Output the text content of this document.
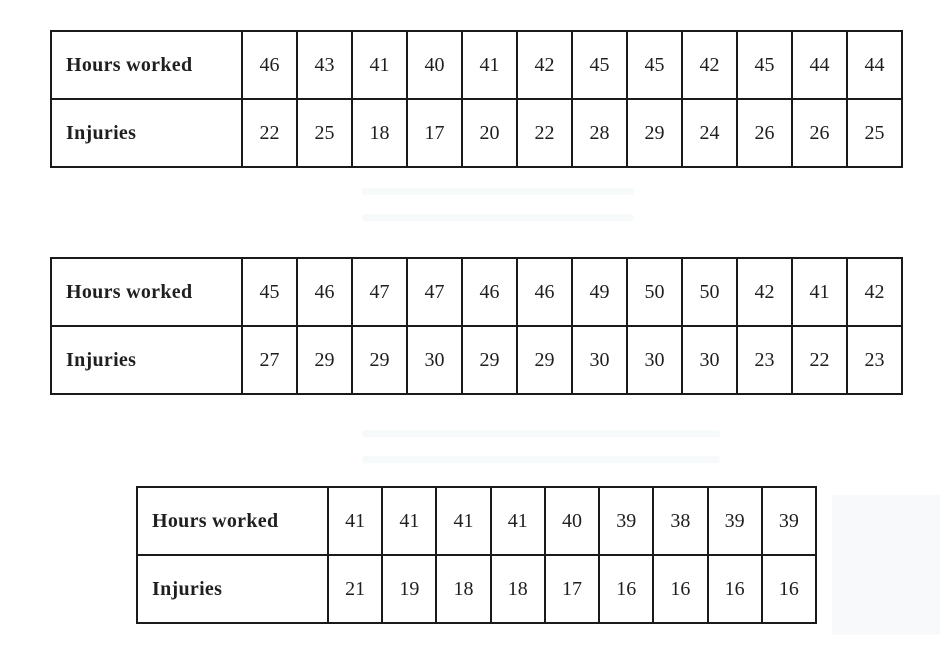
Hours worked	46	43	41	40	41	42	45	45	42	45	44	44
Injuries	22	25	18	17	20	22	28	29	24	26	26	25
Hours worked	45	46	47	47	46	46	49	50	50	42	41	42
Injuries	27	29	29	30	29	29	30	30	30	23	22	23
Hours worked	41	41	41	41	40	39	38	39	39
Injuries	21	19	18	18	17	16	16	16	16
